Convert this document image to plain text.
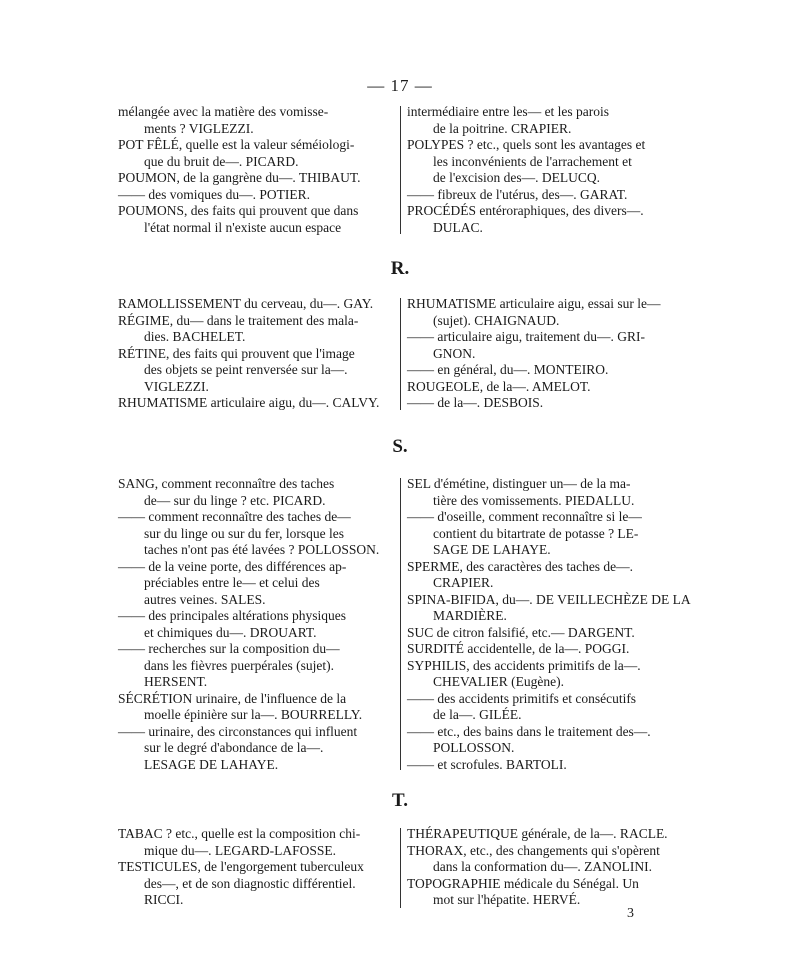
— 17 —
mélangée avec la matière des vomisse-
ments ? VIGLEZZI.
POT FÊLÉ, quelle est la valeur séméiologi-
que du bruit de—. PICARD.
POUMON, de la gangrène du—. THIBAUT.
—— des vomiques du—. POTIER.
POUMONS, des faits qui prouvent que dans
l'état normal il n'existe aucun espace
intermédiaire entre les— et les parois
de la poitrine. CRAPIER.
POLYPES ? etc., quels sont les avantages et
les inconvénients de l'arrachement et
de l'excision des—. DELUCQ.
—— fibreux de l'utérus, des—. GARAT.
PROCÉDÉS entéroraphiques, des divers—.
DULAC.
R.
RAMOLLISSEMENT du cerveau, du—. GAY.
RÉGIME, du— dans le traitement des mala-
dies. BACHELET.
RÉTINE, des faits qui prouvent que l'image
des objets se peint renversée sur la—.
VIGLEZZI.
RHUMATISME articulaire aigu, du—. CALVY.
RHUMATISME articulaire aigu, essai sur le—
(sujet). CHAIGNAUD.
—— articulaire aigu, traitement du—. GRI-
GNON.
—— en général, du—. MONTEIRO.
ROUGEOLE, de la—. AMELOT.
—— de la—. DESBOIS.
S.
SANG, comment reconnaître des taches
de— sur du linge ? etc. PICARD.
—— comment reconnaître des taches de—
sur du linge ou sur du fer, lorsque les
taches n'ont pas été lavées ? POLLOSSON.
—— de la veine porte, des différences ap-
préciables entre le— et celui des
autres veines. SALES.
—— des principales altérations physiques
et chimiques du—. DROUART.
—— recherches sur la composition du—
dans les fièvres puerpérales (sujet).
HERSENT.
SÉCRÉTION urinaire, de l'influence de la
moelle épinière sur la—. BOURRELLY.
—— urinaire, des circonstances qui influent
sur le degré d'abondance de la—.
LESAGE DE LAHAYE.
SEL d'émétine, distinguer un— de la ma-
tière des vomissements. PIEDALLU.
—— d'oseille, comment reconnaître si le—
contient du bitartrate de potasse ? LE-
SAGE DE LAHAYE.
SPERME, des caractères des taches de—.
CRAPIER.
SPINA-BIFIDA, du—. DE VEILLECHÈZE DE LA
MARDIÈRE.
SUC de citron falsifié, etc.— DARGENT.
SURDITÉ accidentelle, de la—. POGGI.
SYPHILIS, des accidents primitifs de la—.
CHEVALIER (Eugène).
—— des accidents primitifs et consécutifs
de la—. GILÉE.
—— etc., des bains dans le traitement des—.
POLLOSSON.
—— et scrofules. BARTOLI.
T.
TABAC ? etc., quelle est la composition chi-
mique du—. LEGARD-LAFOSSE.
TESTICULES, de l'engorgement tuberculeux
des—, et de son diagnostic différentiel.
RICCI.
THÉRAPEUTIQUE générale, de la—. RACLE.
THORAX, etc., des changements qui s'opèrent
dans la conformation du—. ZANOLINI.
TOPOGRAPHIE médicale du Sénégal. Un
mot sur l'hépatite. HERVÉ.
3
